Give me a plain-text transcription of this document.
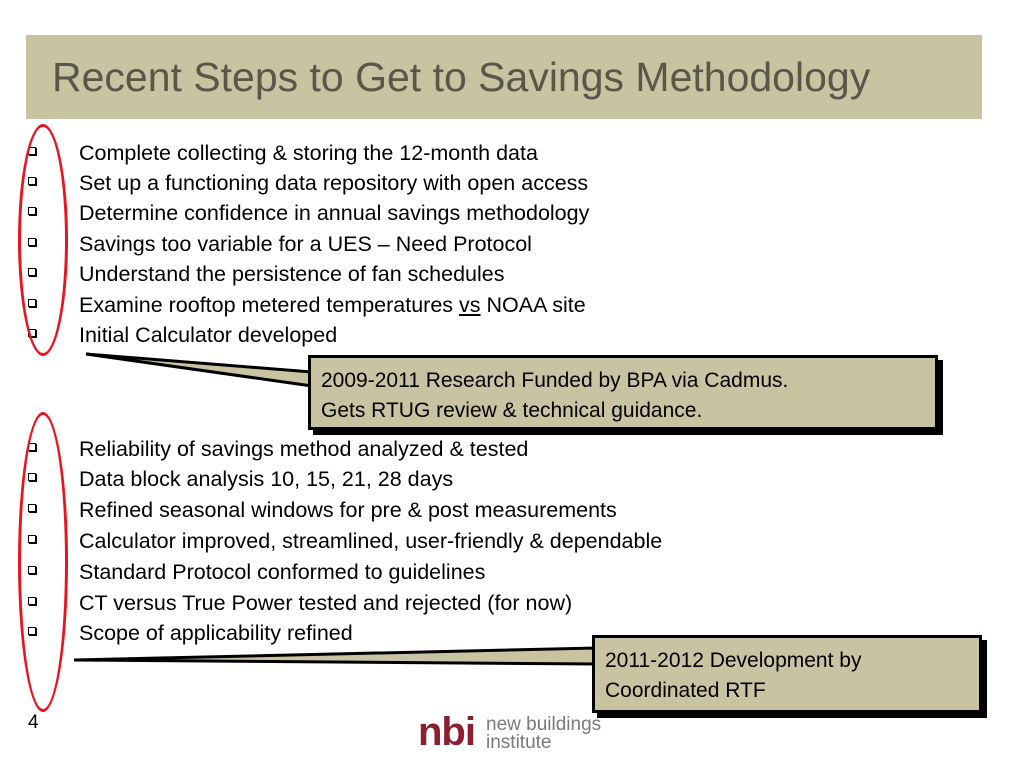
Recent Steps to Get to Savings Methodology
Complete collecting & storing the 12-month data
Set up a functioning data repository with open access
Determine confidence in annual savings methodology
Savings too variable for a UES – Need Protocol
Understand the persistence of fan schedules
Examine rooftop metered temperatures vs NOAA site
Initial Calculator developed
2009-2011 Research Funded by BPA via Cadmus.
Gets RTUG review & technical guidance.
Reliability of savings method analyzed & tested
Data block analysis 10, 15, 21, 28 days
Refined seasonal windows for pre & post measurements
Calculator improved, streamlined, user-friendly & dependable
Standard Protocol conformed to guidelines
CT versus True Power tested and rejected (for now)
Scope of applicability refined
2011-2012 Development by
Coordinated RTF
4	nbi new buildings
institute
